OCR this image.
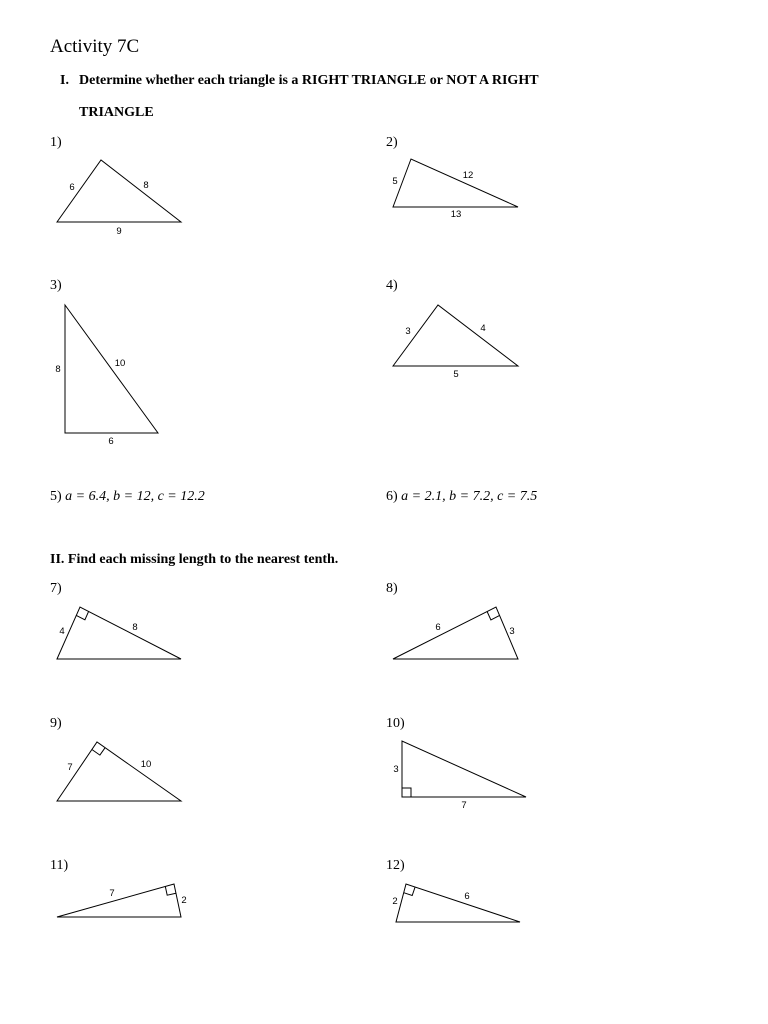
Activity 7C
I. Determine whether each triangle is a RIGHT TRIANGLE or NOT A RIGHT
TRIANGLE
1)	2)
3)	4)
5) a = 6.4, b = 12, c = 12.2	6) a = 2.1, b = 7.2, c = 7.5
II. Find each missing length to the nearest tenth.
7)	8)
9)	10)
11)	12)
6	8
9
5
12
13
8
10
6
3	4
5
4	8	6	3
7	10	3
7
7
2	2	6
